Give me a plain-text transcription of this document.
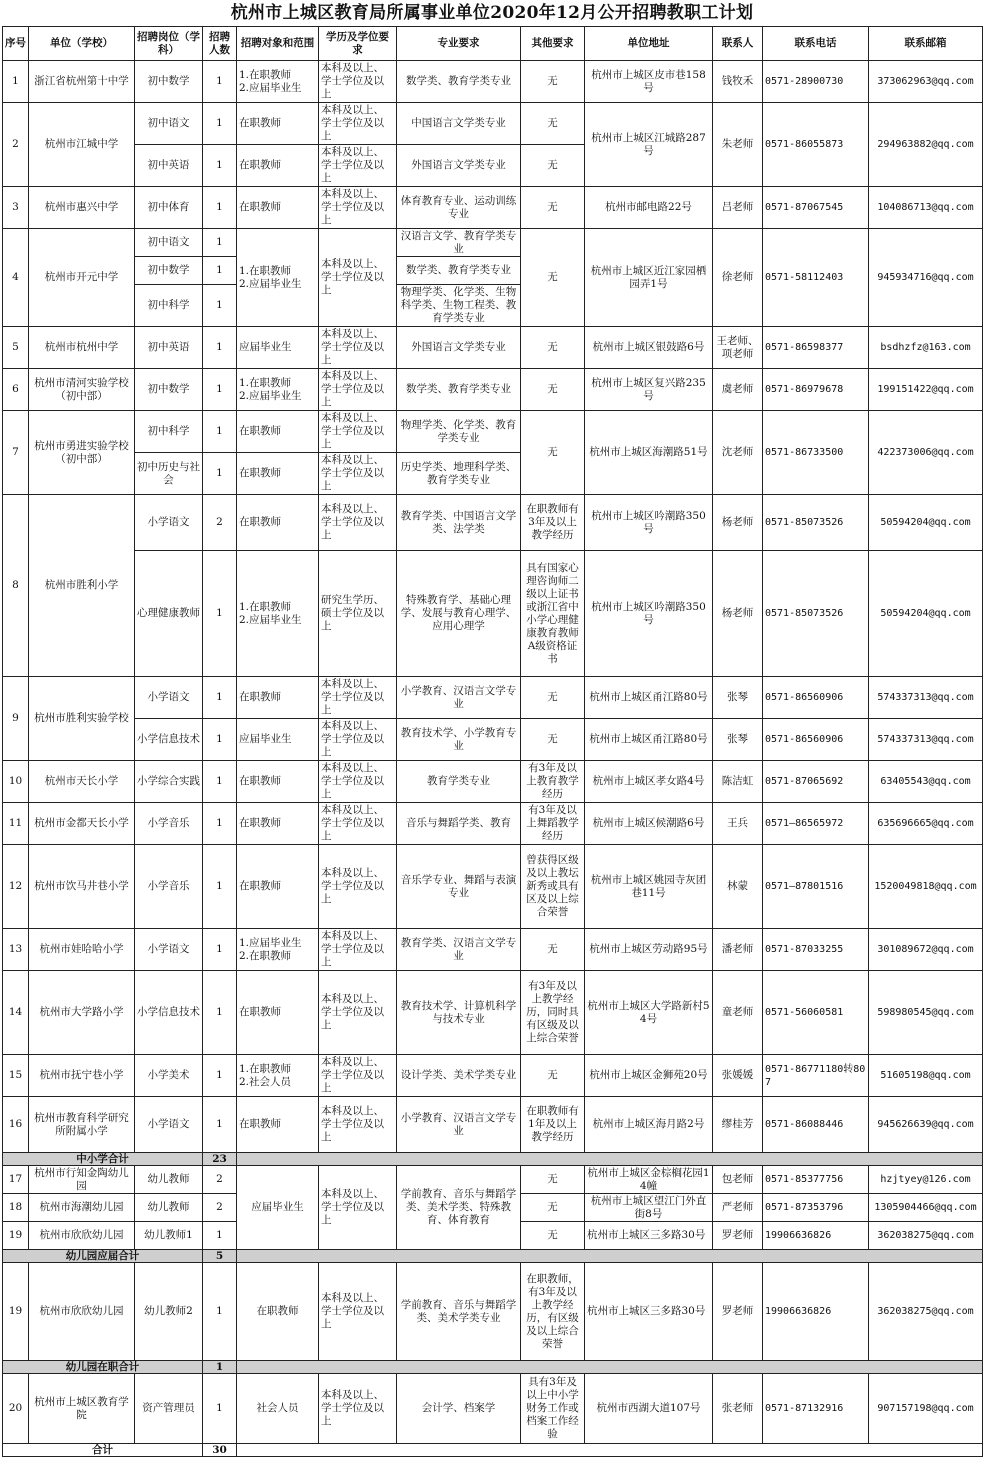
杭州市上城区教育局所属事业单位2020年12月公开招聘教职工计划
序号	单位（学校）	招聘岗位（学科）	招聘人数	招聘对象和范围	学历及学位要求	专业要求	其他要求	单位地址	联系人	联系电话	联系邮箱
1	浙江省杭州第十中学	初中数学	1	1.在职教师
2.应届毕业生	本科及以上、学士学位及以上	数学类、教育学类专业	无	杭州市上城区皮市巷158号	钱牧禾	0571-28900730	373062963@qq.com
2	杭州市江城中学	初中语文	1	在职教师	本科及以上、学士学位及以上	中国语言文学类专业	无	杭州市上城区江城路287号	朱老师	0571-86055873	294963882@qq.com
		初中英语	1	在职教师	本科及以上、学士学位及以上	外国语言文学类专业	无				
3	杭州市惠兴中学	初中体育	1	在职教师	本科及以上、学士学位及以上	体育教育专业、运动训练专业	无	杭州市邮电路22号	吕老师	0571-87067545	104086713@qq.com
4	杭州市开元中学	初中语文	1	1.在职教师
2.应届毕业生	本科及以上、学士学位及以上	汉语言文学、教育学类专业	无	杭州市上城区近江家园栖园弄1号	徐老师	0571-58112403	945934716@qq.com
		初中数学	1			数学类、教育学类专业					
		初中科学	1			物理学类、化学类、生物科学类、生物工程类、教育学类专业					
5	杭州市杭州中学	初中英语	1	应届毕业生	本科及以上、学士学位及以上	外国语言文学类专业	无	杭州市上城区银鼓路6号	王老师、项老师	0571-86598377	bsdhzfz@163.com
6	杭州市清河实验学校（初中部）	初中数学	1	1.在职教师
2.应届毕业生	本科及以上、学士学位及以上	数学类、教育学类专业	无	杭州市上城区复兴路235号	虞老师	0571-86979678	199151422@qq.com
7	杭州市勇进实验学校（初中部）	初中科学	1	在职教师	本科及以上、学士学位及以上	物理学类、化学类、教育学类专业	无	杭州市上城区海潮路51号	沈老师	0571-86733500	422373006@qq.com
		初中历史与社会	1	在职教师	本科及以上、学士学位及以上	历史学类、地理科学类、教育学类专业					
8	杭州市胜利小学	小学语文	2	在职教师	本科及以上、学士学位及以上	教育学类、中国语言文学类、法学类	在职教师有3年及以上教学经历	杭州市上城区吟潮路350号	杨老师	0571-85073526	50594204@qq.com
		心理健康教师	1	1.在职教师
2.应届毕业生	研究生学历、硕士学位及以上	特殊教育学、基础心理学、发展与教育心理学、应用心理学	具有国家心理咨询师二级以上证书或浙江省中小学心理健康教育教师A级资格证书	杭州市上城区吟潮路350号	杨老师	0571-85073526	50594204@qq.com
9	杭州市胜利实验学校	小学语文	1	在职教师	本科及以上、学士学位及以上	小学教育、汉语言文学专业	无	杭州市上城区甬江路80号	张琴	0571-86560906	574337313@qq.com
		小学信息技术	1	应届毕业生	本科及以上、学士学位及以上	教育技术学、小学教育专业	无	杭州市上城区甬江路80号	张琴	0571-86560906	574337313@qq.com
10	杭州市天长小学	小学综合实践	1	在职教师	本科及以上、学士学位及以上	教育学类专业	有3年及以上教育教学经历	杭州市上城区孝女路4号	陈洁虹	0571-87065692	63405543@qq.com
11	杭州市金都天长小学	小学音乐	1	在职教师	本科及以上、学士学位及以上	音乐与舞蹈学类、教育	有3年及以上舞蹈教学经历	杭州市上城区候潮路6号	王兵	0571—86565972	635696665@qq.com
12	杭州市饮马井巷小学	小学音乐	1	在职教师	本科及以上、学士学位及以上	音乐学专业、舞蹈与表演专业	曾获得区级及以上教坛新秀或具有区及以上综合荣誉	杭州市上城区姚园寺灰团巷11号	林蒙	0571—87801516	1520049818@qq.com
13	杭州市娃哈哈小学	小学语文	1	1.应届毕业生
2.在职教师	本科及以上、学士学位及以上	教育学类、汉语言文学专业	无	杭州市上城区劳动路95号	潘老师	0571-87033255	301089672@qq.com
14	杭州市大学路小学	小学信息技术	1	在职教师	本科及以上、学士学位及以上	教育技术学、计算机科学与技术专业	有3年及以上教学经历，同时具有区级及以上综合荣誉	杭州市上城区大学路新村54号	童老师	0571-56060581	598980545@qq.com
15	杭州市抚宁巷小学	小学美术	1	1.在职教师
2.社会人员	本科及以上、学士学位及以上	设计学类、美术学类专业	无	杭州市上城区金狮苑20号	张媛媛	0571-86771180转807	51605198@qq.com
16	杭州市教育科学研究所附属小学	小学语文	1	在职教师	本科及以上、学士学位及以上	小学教育、汉语言文学专业	在职教师有1年及以上教学经历	杭州市上城区海月路2号	缪桂芳	0571-86088446	945626639@qq.com
中小学合计			23								
17	杭州市行知金陶幼儿园	幼儿教师	2	应届毕业生	本科及以上、学士学位及以上	学前教育、音乐与舞蹈学类、美术学类、特殊教育、体育教育	无	杭州市上城区金棕榈花园14幢	包老师	0571-85377756	hzjtyey@126.com
18	杭州市海潮幼儿园	幼儿教师	2				无	杭州市上城区望江门外直街8号	严老师	0571-87353796	1305904466@qq.com
19	杭州市欣欣幼儿园	幼儿教师1	1				无	杭州市上城区三多路30号	罗老师	19906636826	362038275@qq.com
幼儿园应届合计			5								
19	杭州市欣欣幼儿园	幼儿教师2	1	在职教师	本科及以上、学士学位及以上	学前教育、音乐与舞蹈学类、美术学类专业	在职教师，有3年及以上教学经历，有区级及以上综合荣誉	杭州市上城区三多路30号	罗老师	19906636826	362038275@qq.com
幼儿园在职合计			1								
20	杭州市上城区教育学院	资产管理员	1	社会人员	本科及以上、学士学位及以上	会计学、档案学	具有3年及以上中小学财务工作或档案工作经验	杭州市西湖大道107号	张老师	0571-87132916	907157198@qq.com
合计			30								
